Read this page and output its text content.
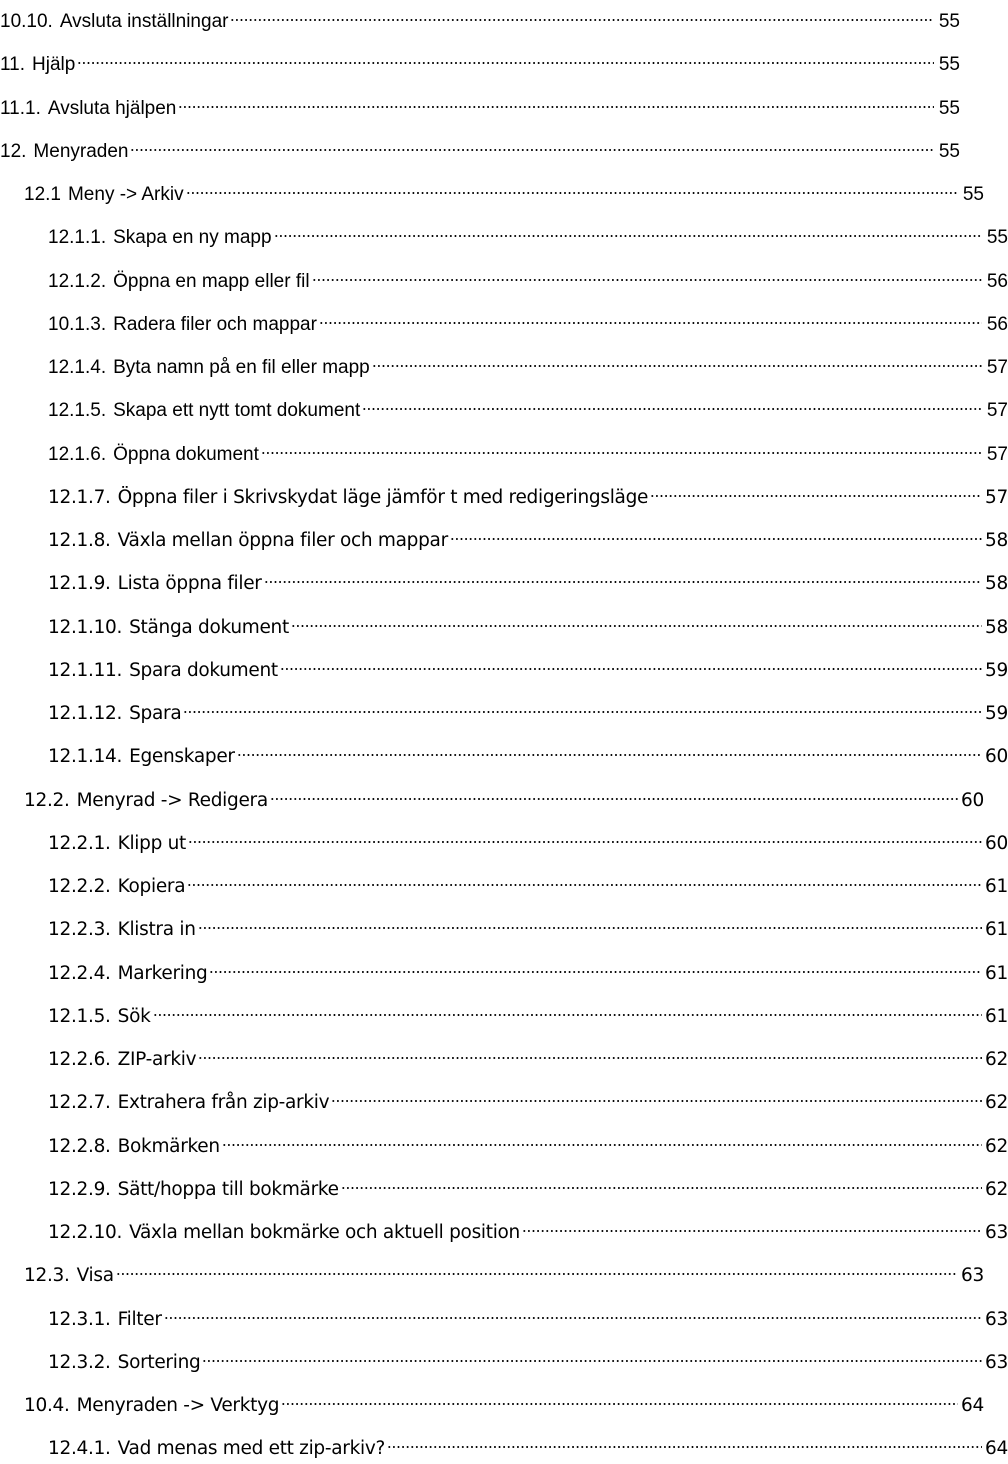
10.10. Avsluta inställningar	55
11. Hjälp	55
11.1. Avsluta hjälpen	55
12. Menyraden	55
12.1 Meny -> Arkiv	55
12.1.1. Skapa en ny mapp	55
12.1.2. Öppna en mapp eller fil	56
10.1.3. Radera filer och mappar	56
12.1.4. Byta namn på en fil eller mapp	57
12.1.5. Skapa ett nytt tomt dokument	57
12.1.6. Öppna dokument	57
12.1.7. Öppna filer i Skrivskydat läge jämför t med redigeringsläge	57
12.1.8. Växla mellan öppna filer och mappar	58
12.1.9. Lista öppna filer	58
12.1.10. Stänga dokument	58
12.1.11. Spara dokument	59
12.1.12. Spara	59
12.1.14. Egenskaper	60
12.2. Menyrad -> Redigera	60
12.2.1. Klipp ut	60
12.2.2. Kopiera	61
12.2.3. Klistra in	61
12.2.4. Markering	61
12.1.5. Sök	61
12.2.6. ZIP-arkiv	62
12.2.7. Extrahera från zip-arkiv	62
12.2.8. Bokmärken	62
12.2.9. Sätt/hoppa till bokmärke	62
12.2.10. Växla mellan bokmärke och aktuell position	63
12.3. Visa	63
12.3.1. Filter	63
12.3.2. Sortering	63
10.4. Menyraden -> Verktyg	64
12.4.1. Vad menas med ett zip-arkiv?	64
